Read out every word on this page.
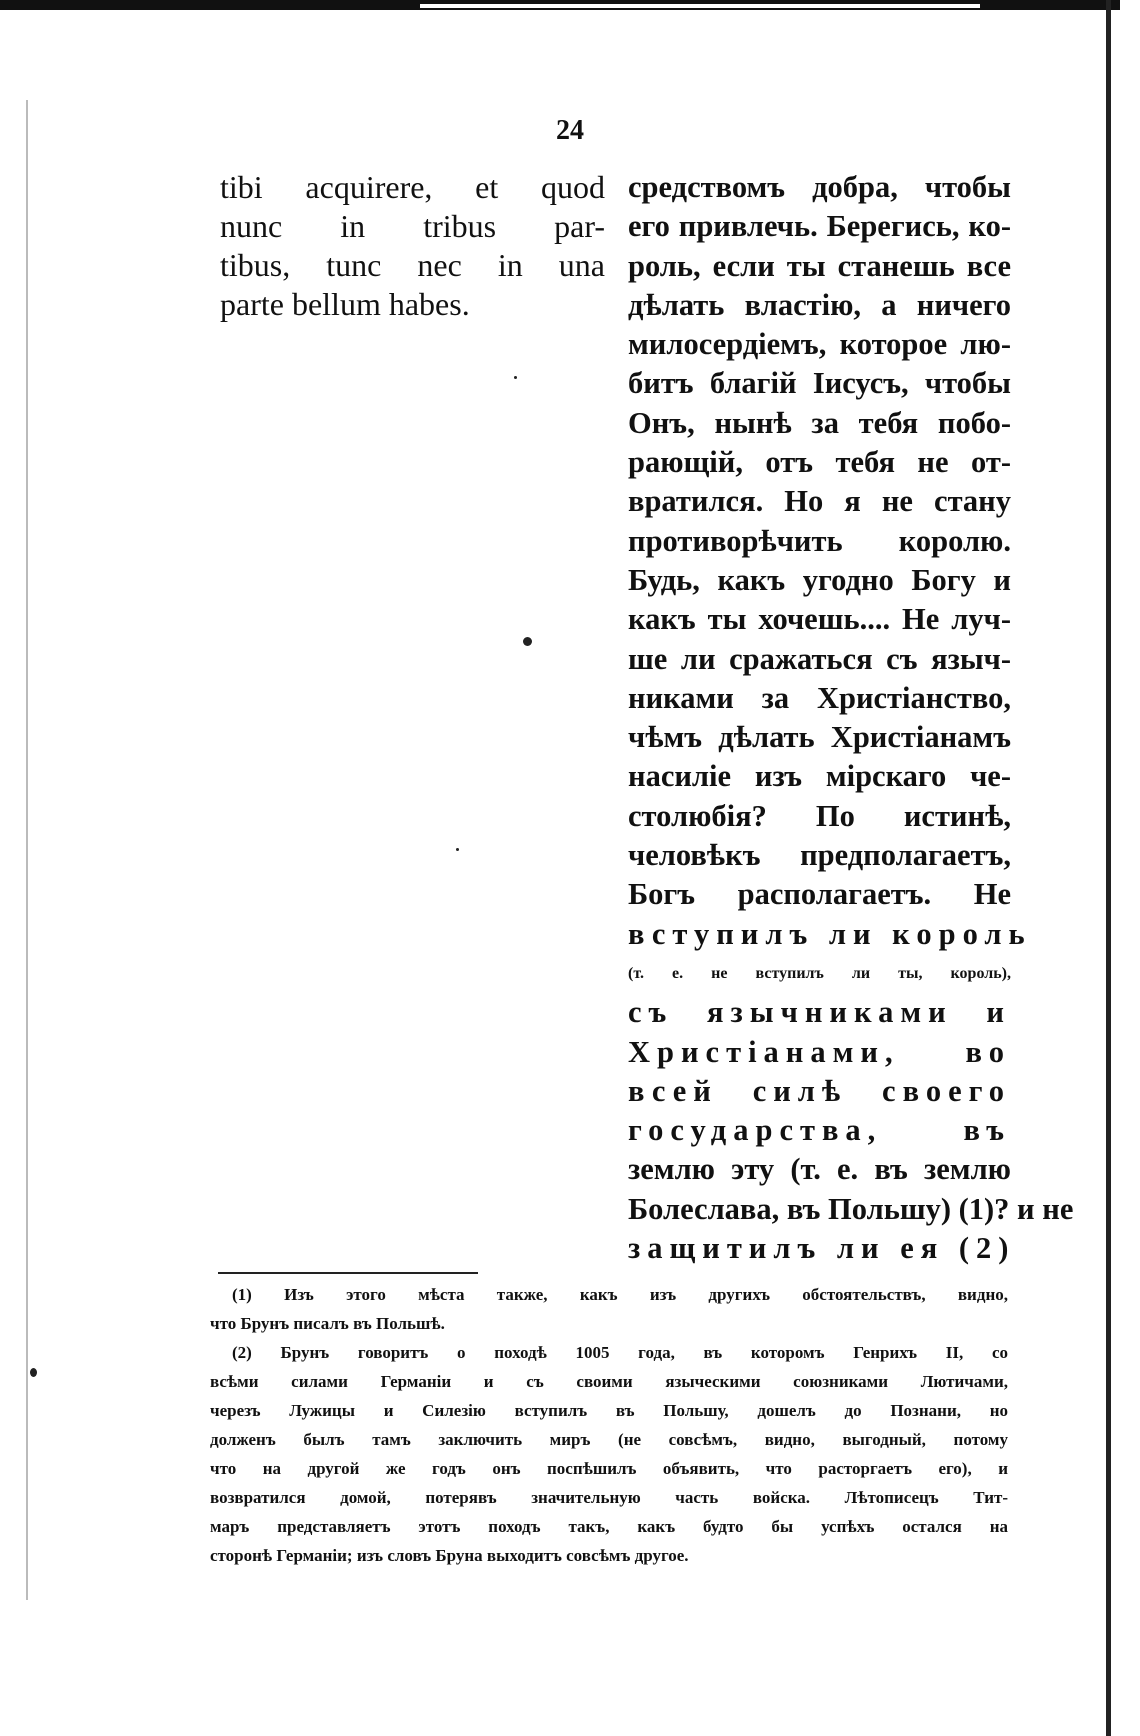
24
tibi acquirere, et quod
nunc in tribus par-
tibus, tunc nec in una
parte bellum habes.
средствомъ добра, чтобы
его привлечь. Берегись, ко-
роль, если ты станешь все
дѣлать властію, а ничего
милосердіемъ, которое лю-
битъ благій Іисусъ, чтобы
Онъ, нынѣ за тебя побо-
рающій, отъ тебя не от-
вратился. Но я не стану
противорѣчить королю.
Будь, какъ угодно Богу и
какъ ты хочешь.... Не луч-
ше ли сражаться съ языч-
никами за Христіанство,
чѣмъ дѣлать Христіанамъ
насиліе изъ мірскаго че-
столюбія? По истинѣ,
человѣкъ предполагаетъ,
Богъ располагаетъ. Не
вступилъ ли король
(т. е. не вступилъ ли ты, король),
съ язычниками и
Христіанами, во
всей силѣ своего
государства, въ
землю эту (т. е. въ землю
Болеслава, въ Польшу) (1)? и не
защитилъ ли ея (2)
(1) Изъ этого мѣста также, какъ изъ другихъ обстоятельствъ, видно,
что Брунъ писалъ въ Польшѣ.
(2) Брунъ говоритъ о походѣ 1005 года, въ которомъ Генрихъ II, со
всѣми силами Германіи и съ своими языческими союзниками Лютичами,
черезъ Лужицы и Силезію вступилъ въ Польшу, дошелъ до Познани, но
долженъ былъ тамъ заключить миръ (не совсѣмъ, видно, выгодный, потому
что на другой же годъ онъ поспѣшилъ объявить, что расторгаетъ его), и
возвратился домой, потерявъ значительную часть войска. Лѣтописецъ Тит-
маръ представляетъ этотъ походъ такъ, какъ будто бы успѣхъ остался на
сторонѣ Германіи; изъ словъ Бруна выходитъ совсѣмъ другое.
